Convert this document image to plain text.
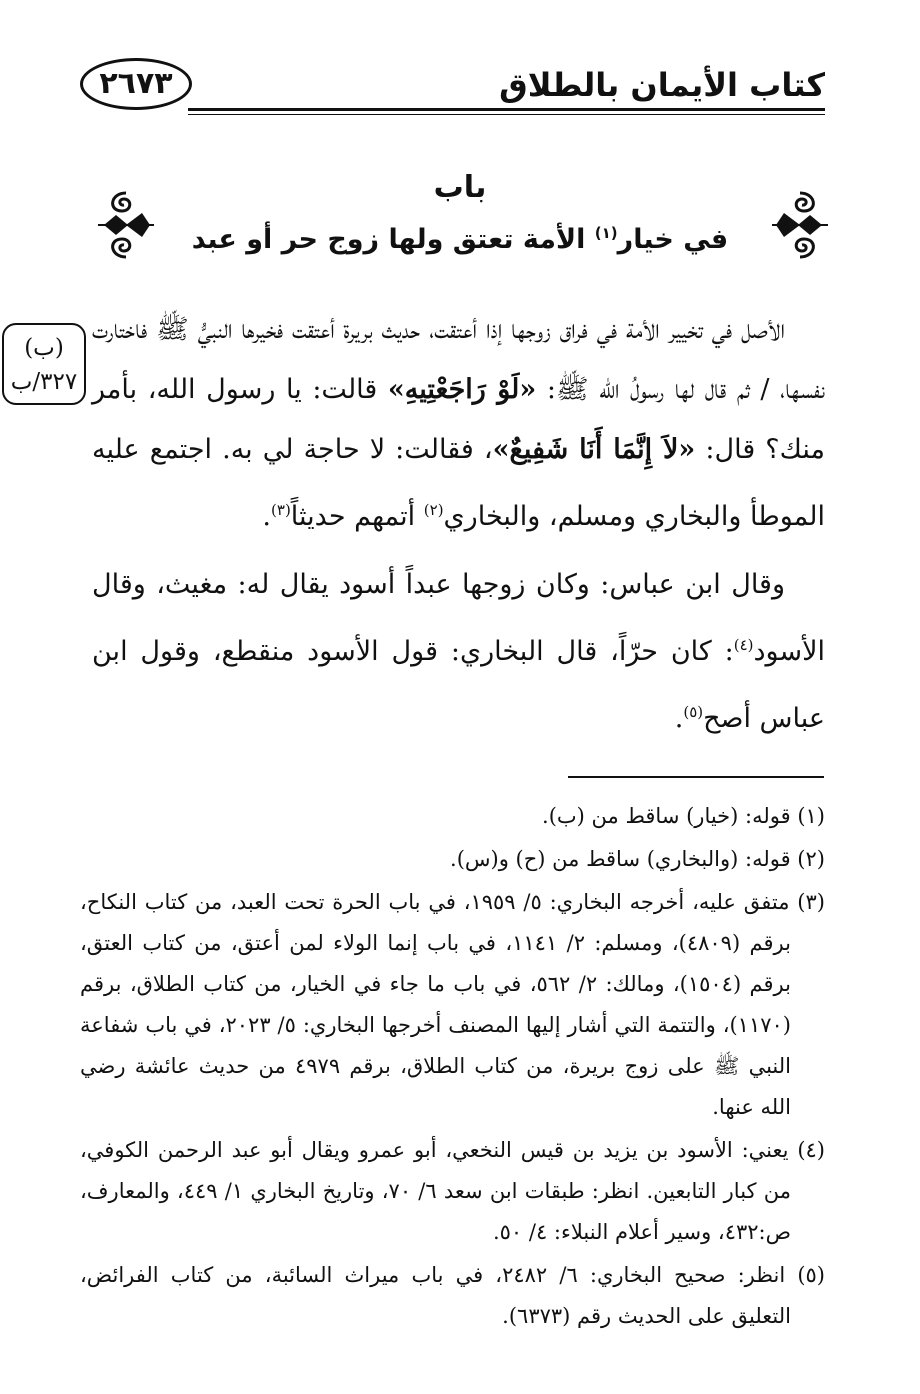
كتاب الأيمان بالطلاق
٢٦٧٣
باب
في خيار$^{(١)}$ الأمة تعتق ولها زوج حر أو عبد
(ب)
٣٢٧/ب

الأصل في تخيير الأمة في فراق زوجها إذا أعتقت، حديث بريرة أعتقت فخيرها النبيُّ ﷺ فاختارت نفسها، / ثم قال لها رسولُ الله ﷺ: «لَوْ رَاجَعْتِيهِ» قالت: يا رسول الله، بأمر منك؟ قال: «لاَ إِنَّمَا أَنَا شَفِيعٌ»، فقالت: لا حاجة لي به. اجتمع عليه الموطأ والبخاري ومسلم، والبخاري$^{(٢)}$ أتمهم حديثاً$^{(٣)}$.

وقال ابن عباس: وكان زوجها عبداً أسود يقال له: مغيث، وقال الأسود$^{(٤)}$: كان حرّاً، قال البخاري: قول الأسود منقطع، وقول ابن عباس أصح$^{(٥)}$.

(١) قوله: (خيار) ساقط من (ب).

(٢) قوله: (والبخاري) ساقط من (ح) و(س).

(٣) متفق عليه، أخرجه البخاري: ٥/ ١٩٥٩، في باب الحرة تحت العبد، من كتاب النكاح، برقم (٤٨٠٩)، ومسلم: ٢/ ١١٤١، في باب إنما الولاء لمن أعتق، من كتاب العتق، برقم (١٥٠٤)، ومالك: ٢/ ٥٦٢، في باب ما جاء في الخيار، من كتاب الطلاق، برقم (١١٧٠)، والتتمة التي أشار إليها المصنف أخرجها البخاري: ٥/ ٢٠٢٣، في باب شفاعة النبي ﷺ على زوج بريرة، من كتاب الطلاق، برقم ٤٩٧٩ من حديث عائشة رضي الله عنها.

(٤) يعني: الأسود بن يزيد بن قيس النخعي، أبو عمرو ويقال أبو عبد الرحمن الكوفي، من كبار التابعين. انظر: طبقات ابن سعد ٦/ ٧٠، وتاريخ البخاري ١/ ٤٤٩، والمعارف، ص:٤٣٢، وسير أعلام النبلاء: ٤/ ٥٠.

(٥) انظر: صحيح البخاري: ٦/ ٢٤٨٢، في باب ميراث السائبة، من كتاب الفرائض، التعليق على الحديث رقم (٦٣٧٣).
